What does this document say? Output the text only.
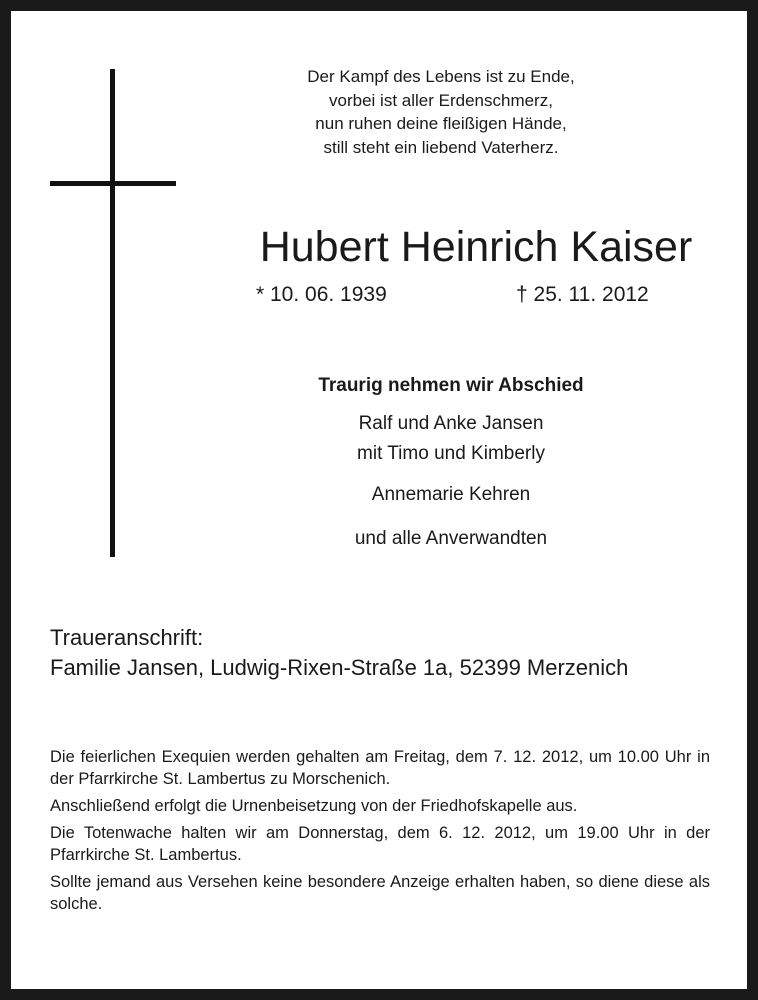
Der Kampf des Lebens ist zu Ende,
vorbei ist aller Erdenschmerz,
nun ruhen deine fleißigen Hände,
still steht ein liebend Vaterherz.
Hubert Heinrich Kaiser
* 10. 06. 1939	† 25. 11. 2012
Traurig nehmen wir Abschied
Ralf und Anke Jansen
mit Timo und Kimberly
Annemarie Kehren
und alle Anverwandten
Traueranschrift:
Familie Jansen, Ludwig-Rixen-Straße 1a, 52399 Merzenich
Die feierlichen Exequien werden gehalten am Freitag, dem 7. 12. 2012, um 10.00 Uhr in der Pfarrkirche St. Lambertus zu Morschenich.
Anschließend erfolgt die Urnenbeisetzung von der Friedhofskapelle aus.
Die Totenwache halten wir am Donnerstag, dem 6. 12. 2012, um 19.00 Uhr in der Pfarrkirche St. Lambertus.
Sollte jemand aus Versehen keine besondere Anzeige erhalten haben, so diene diese als solche.
